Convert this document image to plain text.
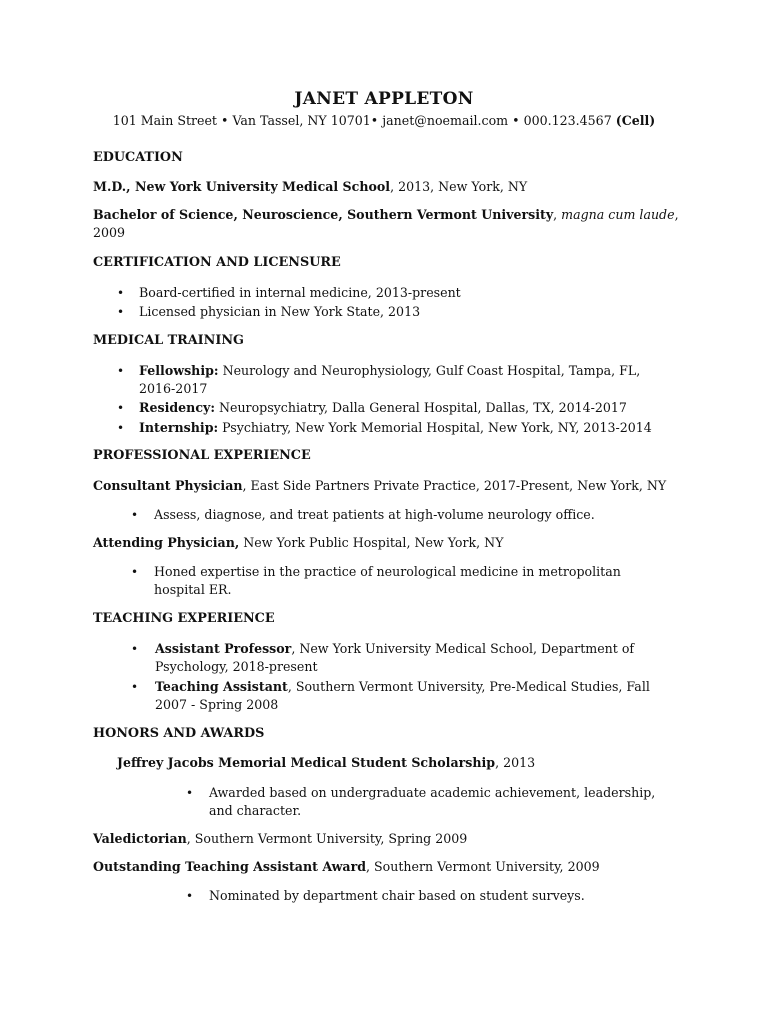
JANET APPLETON
101 Main Street • Van Tassel, NY 10701• janet@noemail.com • 000.123.4567 (Cell)
EDUCATION
M.D., New York University Medical School, 2013, New York, NY
Bachelor of Science, Neuroscience, Southern Vermont University, magna cum laude,
2009
CERTIFICATION AND LICENSURE
• Board-certified in internal medicine, 2013-present
• Licensed physician in New York State, 2013
MEDICAL TRAINING
• Fellowship: Neurology and Neurophysiology, Gulf Coast Hospital, Tampa, FL,
2016-2017
• Residency: Neuropsychiatry, Dalla General Hospital, Dallas, TX, 2014-2017
• Internship: Psychiatry, New York Memorial Hospital, New York, NY, 2013-2014
PROFESSIONAL EXPERIENCE
Consultant Physician, East Side Partners Private Practice, 2017-Present, New York, NY
• Assess, diagnose, and treat patients at high-volume neurology office.
Attending Physician, New York Public Hospital, New York, NY
• Honed expertise in the practice of neurological medicine in metropolitan
hospital ER.
TEACHING EXPERIENCE
• Assistant Professor, New York University Medical School, Department of
Psychology, 2018-present
• Teaching Assistant, Southern Vermont University, Pre-Medical Studies, Fall
2007 - Spring 2008
HONORS AND AWARDS
Jeffrey Jacobs Memorial Medical Student Scholarship, 2013
• Awarded based on undergraduate academic achievement, leadership,
and character.
Valedictorian, Southern Vermont University, Spring 2009
Outstanding Teaching Assistant Award, Southern Vermont University, 2009
• Nominated by department chair based on student surveys.
